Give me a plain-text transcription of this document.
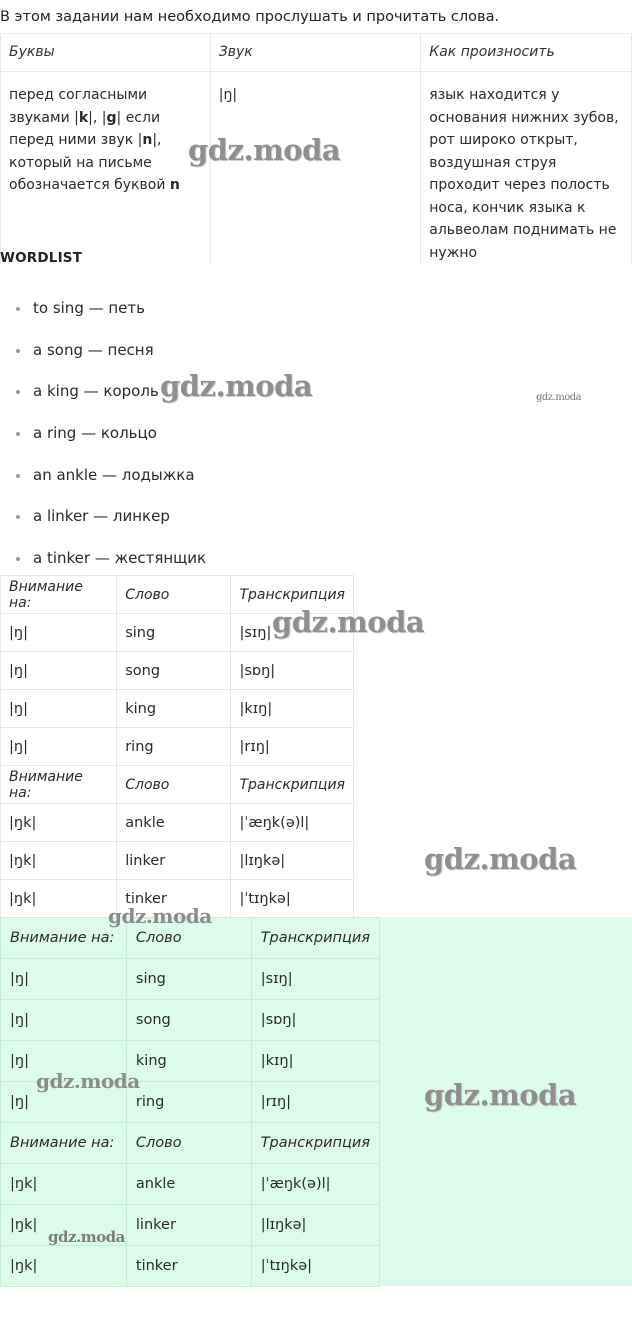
В этом задании нам необходимо прослушать и прочитать слова.
Буквы	Звук	Как произносить
перед согласными звуками |k|, |g| если перед ними звук |n|, который на письме обозначается буквой n	|ŋ|	язык находится у основания нижних зубов, рот широко открыт, воздушная струя проходит через полость носа, кончик языка к альвеолам поднимать не нужно
WORDLIST
to sing — петь
a song — песня
a king — король
a ring — кольцо
an ankle — лодыжка
a linker — линкер
a tinker — жестянщик
Внимание на:	Слово	Транскрипция
|ŋ|	sing	|sɪŋ|
|ŋ|	song	|sɒŋ|
|ŋ|	king	|kɪŋ|
|ŋ|	ring	|rɪŋ|
Внимание на:	Слово	Транскрипция
|ŋk|	ankle	|ˈæŋk(ə)l|
|ŋk|	linker	|lɪŋkə|
|ŋk|	tinker	|ˈtɪŋkə|
Внимание на:	Слово	Транскрипция
|ŋ|	sing	|sɪŋ|
|ŋ|	song	|sɒŋ|
|ŋ|	king	|kɪŋ|
|ŋ|	ring	|rɪŋ|
Внимание на:	Слово	Транскрипция
|ŋk|	ankle	|ˈæŋk(ə)l|
|ŋk|	linker	|lɪŋkə|
|ŋk|	tinker	|ˈtɪŋkə|
gdz.moda
gdz.moda	gdz.moda
gdz.moda
gdz.moda
gdz.moda
gdz.moda	gdz.moda
gdz.moda
